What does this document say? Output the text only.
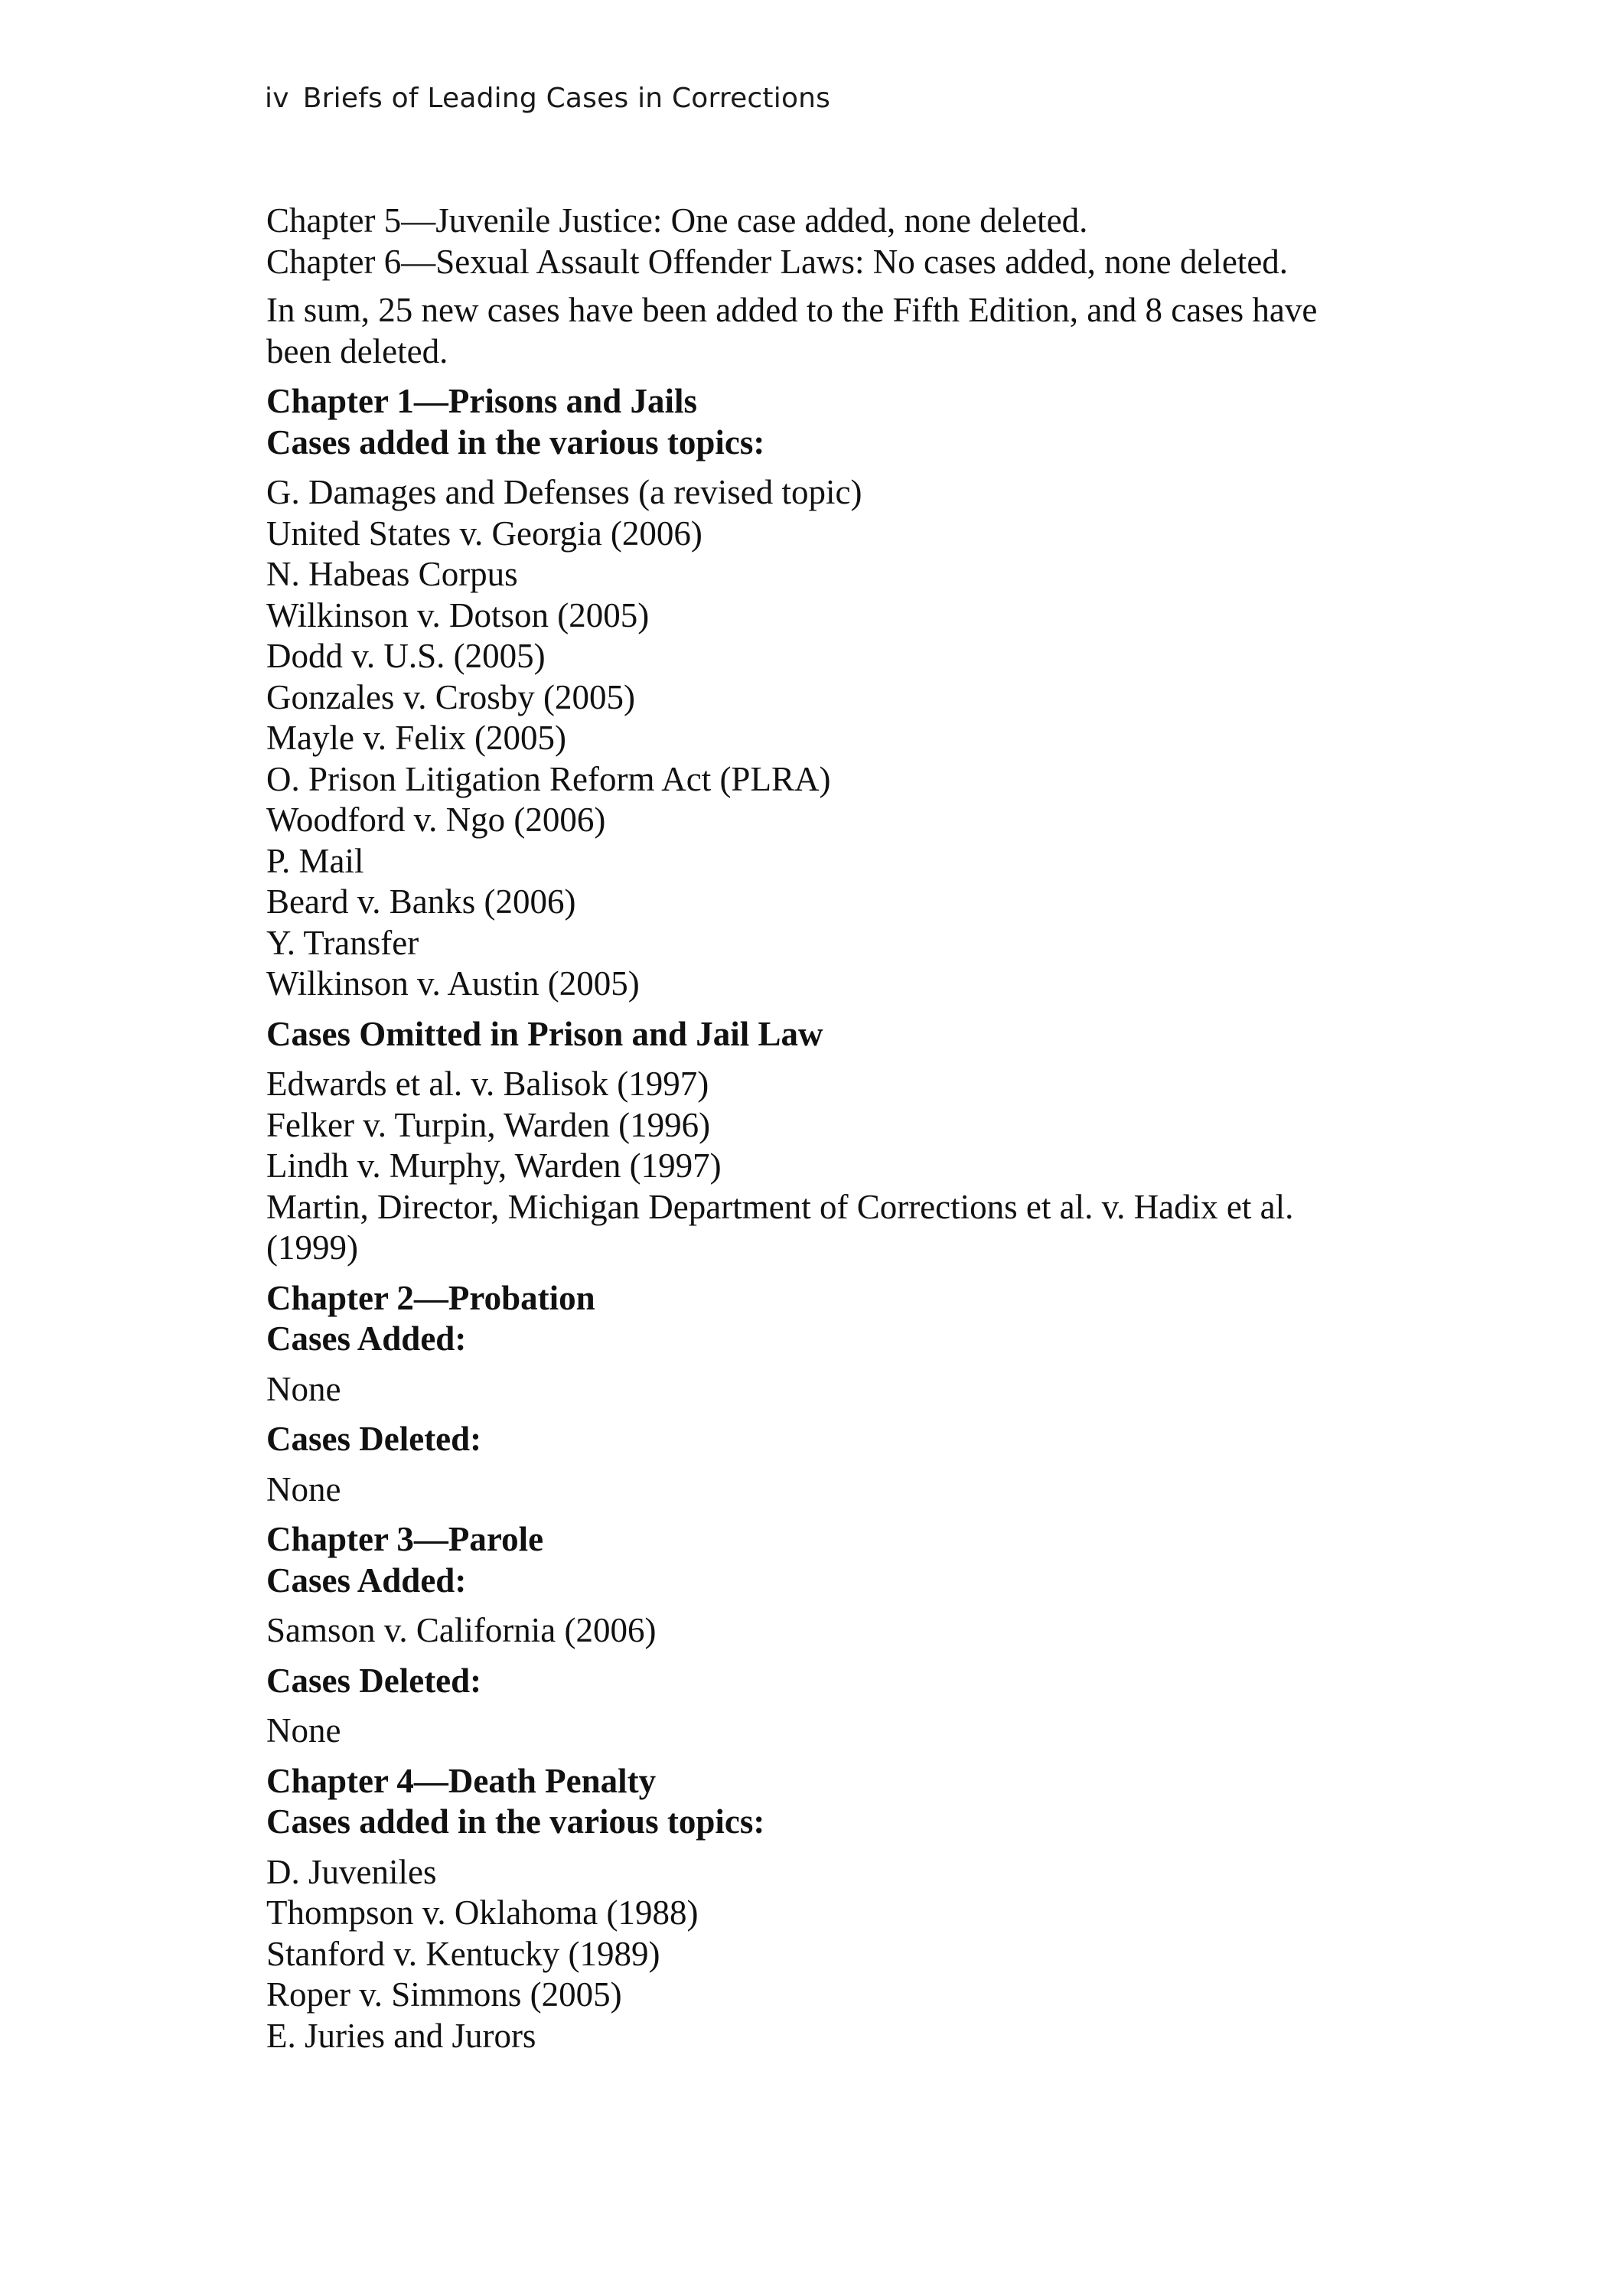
iv Briefs of Leading Cases in Corrections

Chapter 5—Juvenile Justice: One case added, none deleted.

Chapter 6—Sexual Assault Offender Laws: No cases added, none deleted.

In sum, 25 new cases have been added to the Fifth Edition, and 8 cases have been deleted.

Chapter 1—Prisons and Jails

Cases added in the various topics:

G. Damages and Defenses (a revised topic)

United States v. Georgia (2006)

N. Habeas Corpus

Wilkinson v. Dotson (2005)

Dodd v. U.S. (2005)

Gonzales v. Crosby (2005)

Mayle v. Felix (2005)

O. Prison Litigation Reform Act (PLRA)

Woodford v. Ngo (2006)

P. Mail

Beard v. Banks (2006)

Y. Transfer

Wilkinson v. Austin (2005)

Cases Omitted in Prison and Jail Law

Edwards et al. v. Balisok (1997)

Felker v. Turpin, Warden (1996)

Lindh v. Murphy, Warden (1997)

Martin, Director, Michigan Department of Corrections et al. v. Hadix et al. (1999)

Chapter 2—Probation

Cases Added:

None

Cases Deleted:

None

Chapter 3—Parole

Cases Added:

Samson v. California (2006)

Cases Deleted:

None

Chapter 4—Death Penalty

Cases added in the various topics:

D. Juveniles

Thompson v. Oklahoma (1988)

Stanford v. Kentucky (1989)

Roper v. Simmons (2005)

E. Juries and Jurors
